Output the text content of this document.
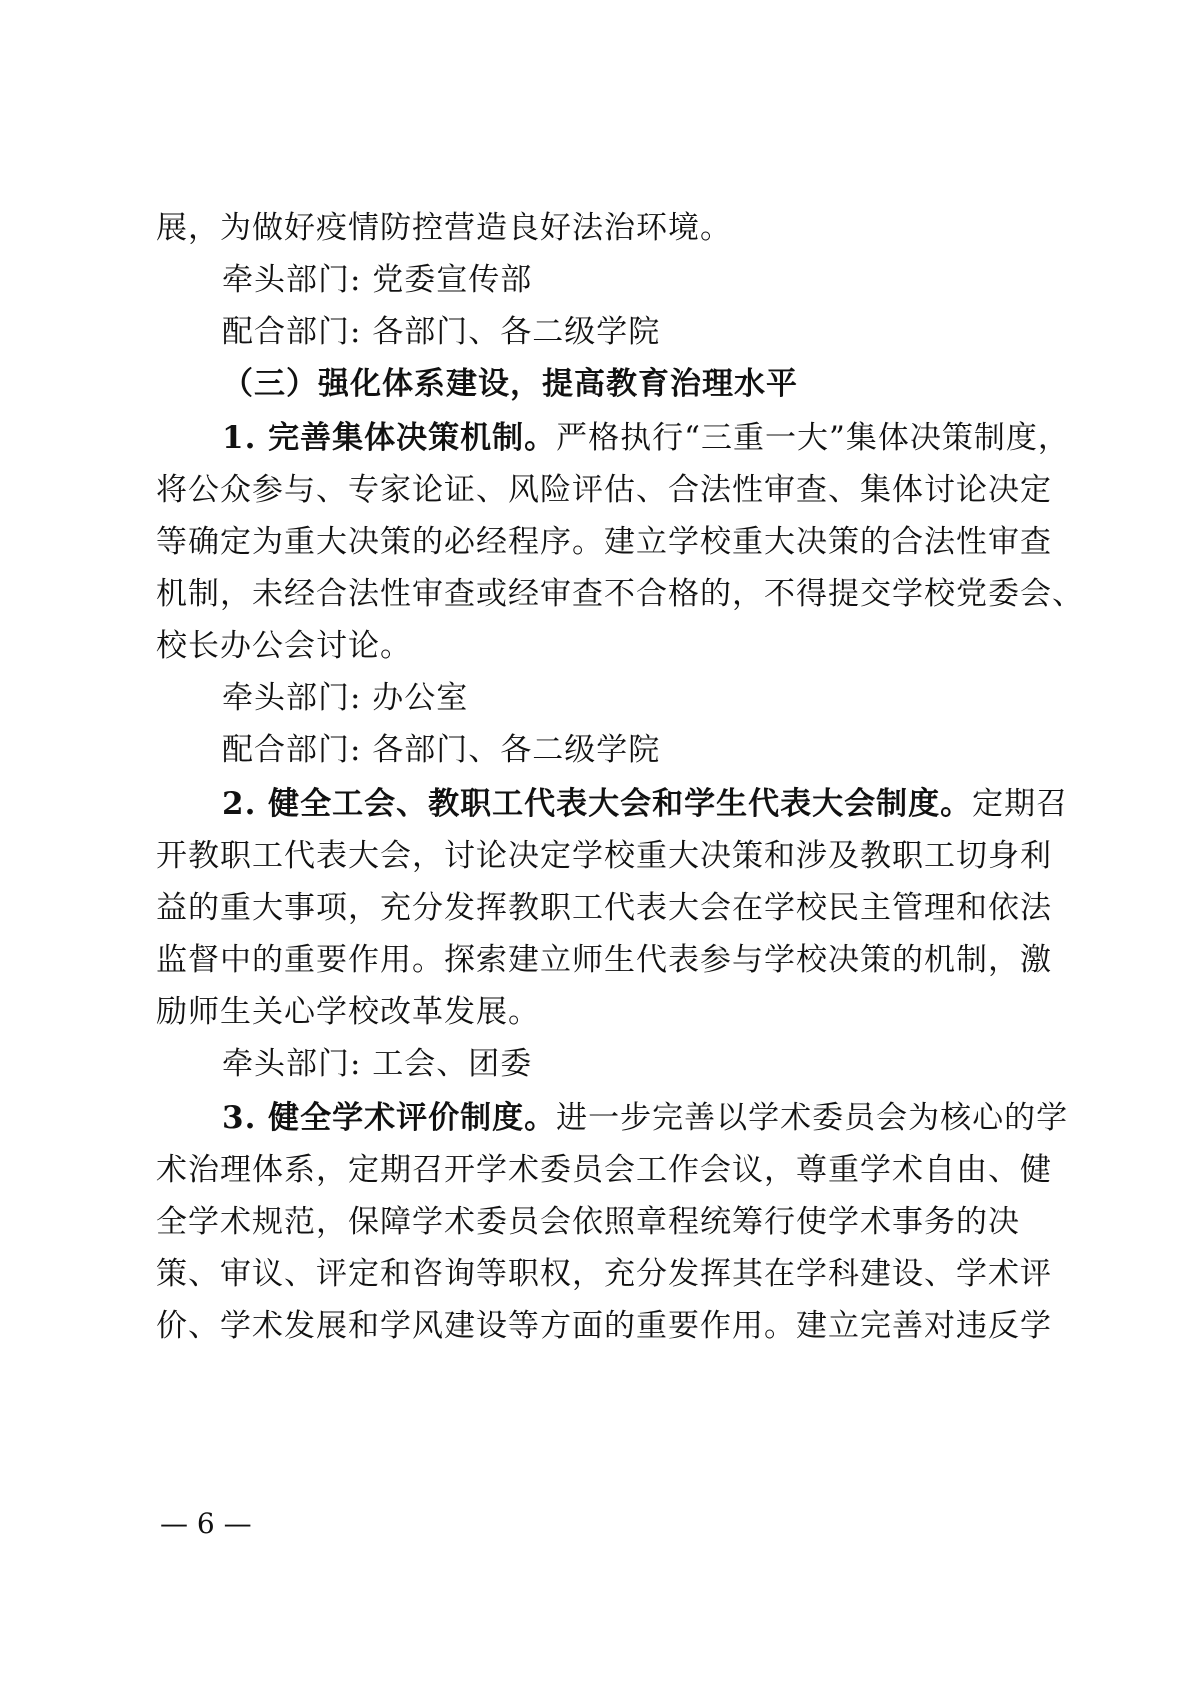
展，为做好疫情防控营造良好法治环境。
牵头部门: 党委宣传部
配合部门: 各部门、各二级学院
（三）强化体系建设，提高教育治理水平
1. 完善集体决策机制。严格执行“三重一大”集体决策制度，
将公众参与、专家论证、风险评估、合法性审查、集体讨论决定
等确定为重大决策的必经程序。建立学校重大决策的合法性审查
机制，未经合法性审查或经审查不合格的，不得提交学校党委会、
校长办公会讨论。
牵头部门: 办公室
配合部门: 各部门、各二级学院
2. 健全工会、教职工代表大会和学生代表大会制度。定期召
开教职工代表大会，讨论决定学校重大决策和涉及教职工切身利
益的重大事项，充分发挥教职工代表大会在学校民主管理和依法
监督中的重要作用。探索建立师生代表参与学校决策的机制，激
励师生关心学校改革发展。
牵头部门: 工会、团委
3. 健全学术评价制度。进一步完善以学术委员会为核心的学
术治理体系，定期召开学术委员会工作会议，尊重学术自由、健
全学术规范，保障学术委员会依照章程统筹行使学术事务的决
策、审议、评定和咨询等职权，充分发挥其在学科建设、学术评
价、学术发展和学风建设等方面的重要作用。建立完善对违反学
— 6 —
